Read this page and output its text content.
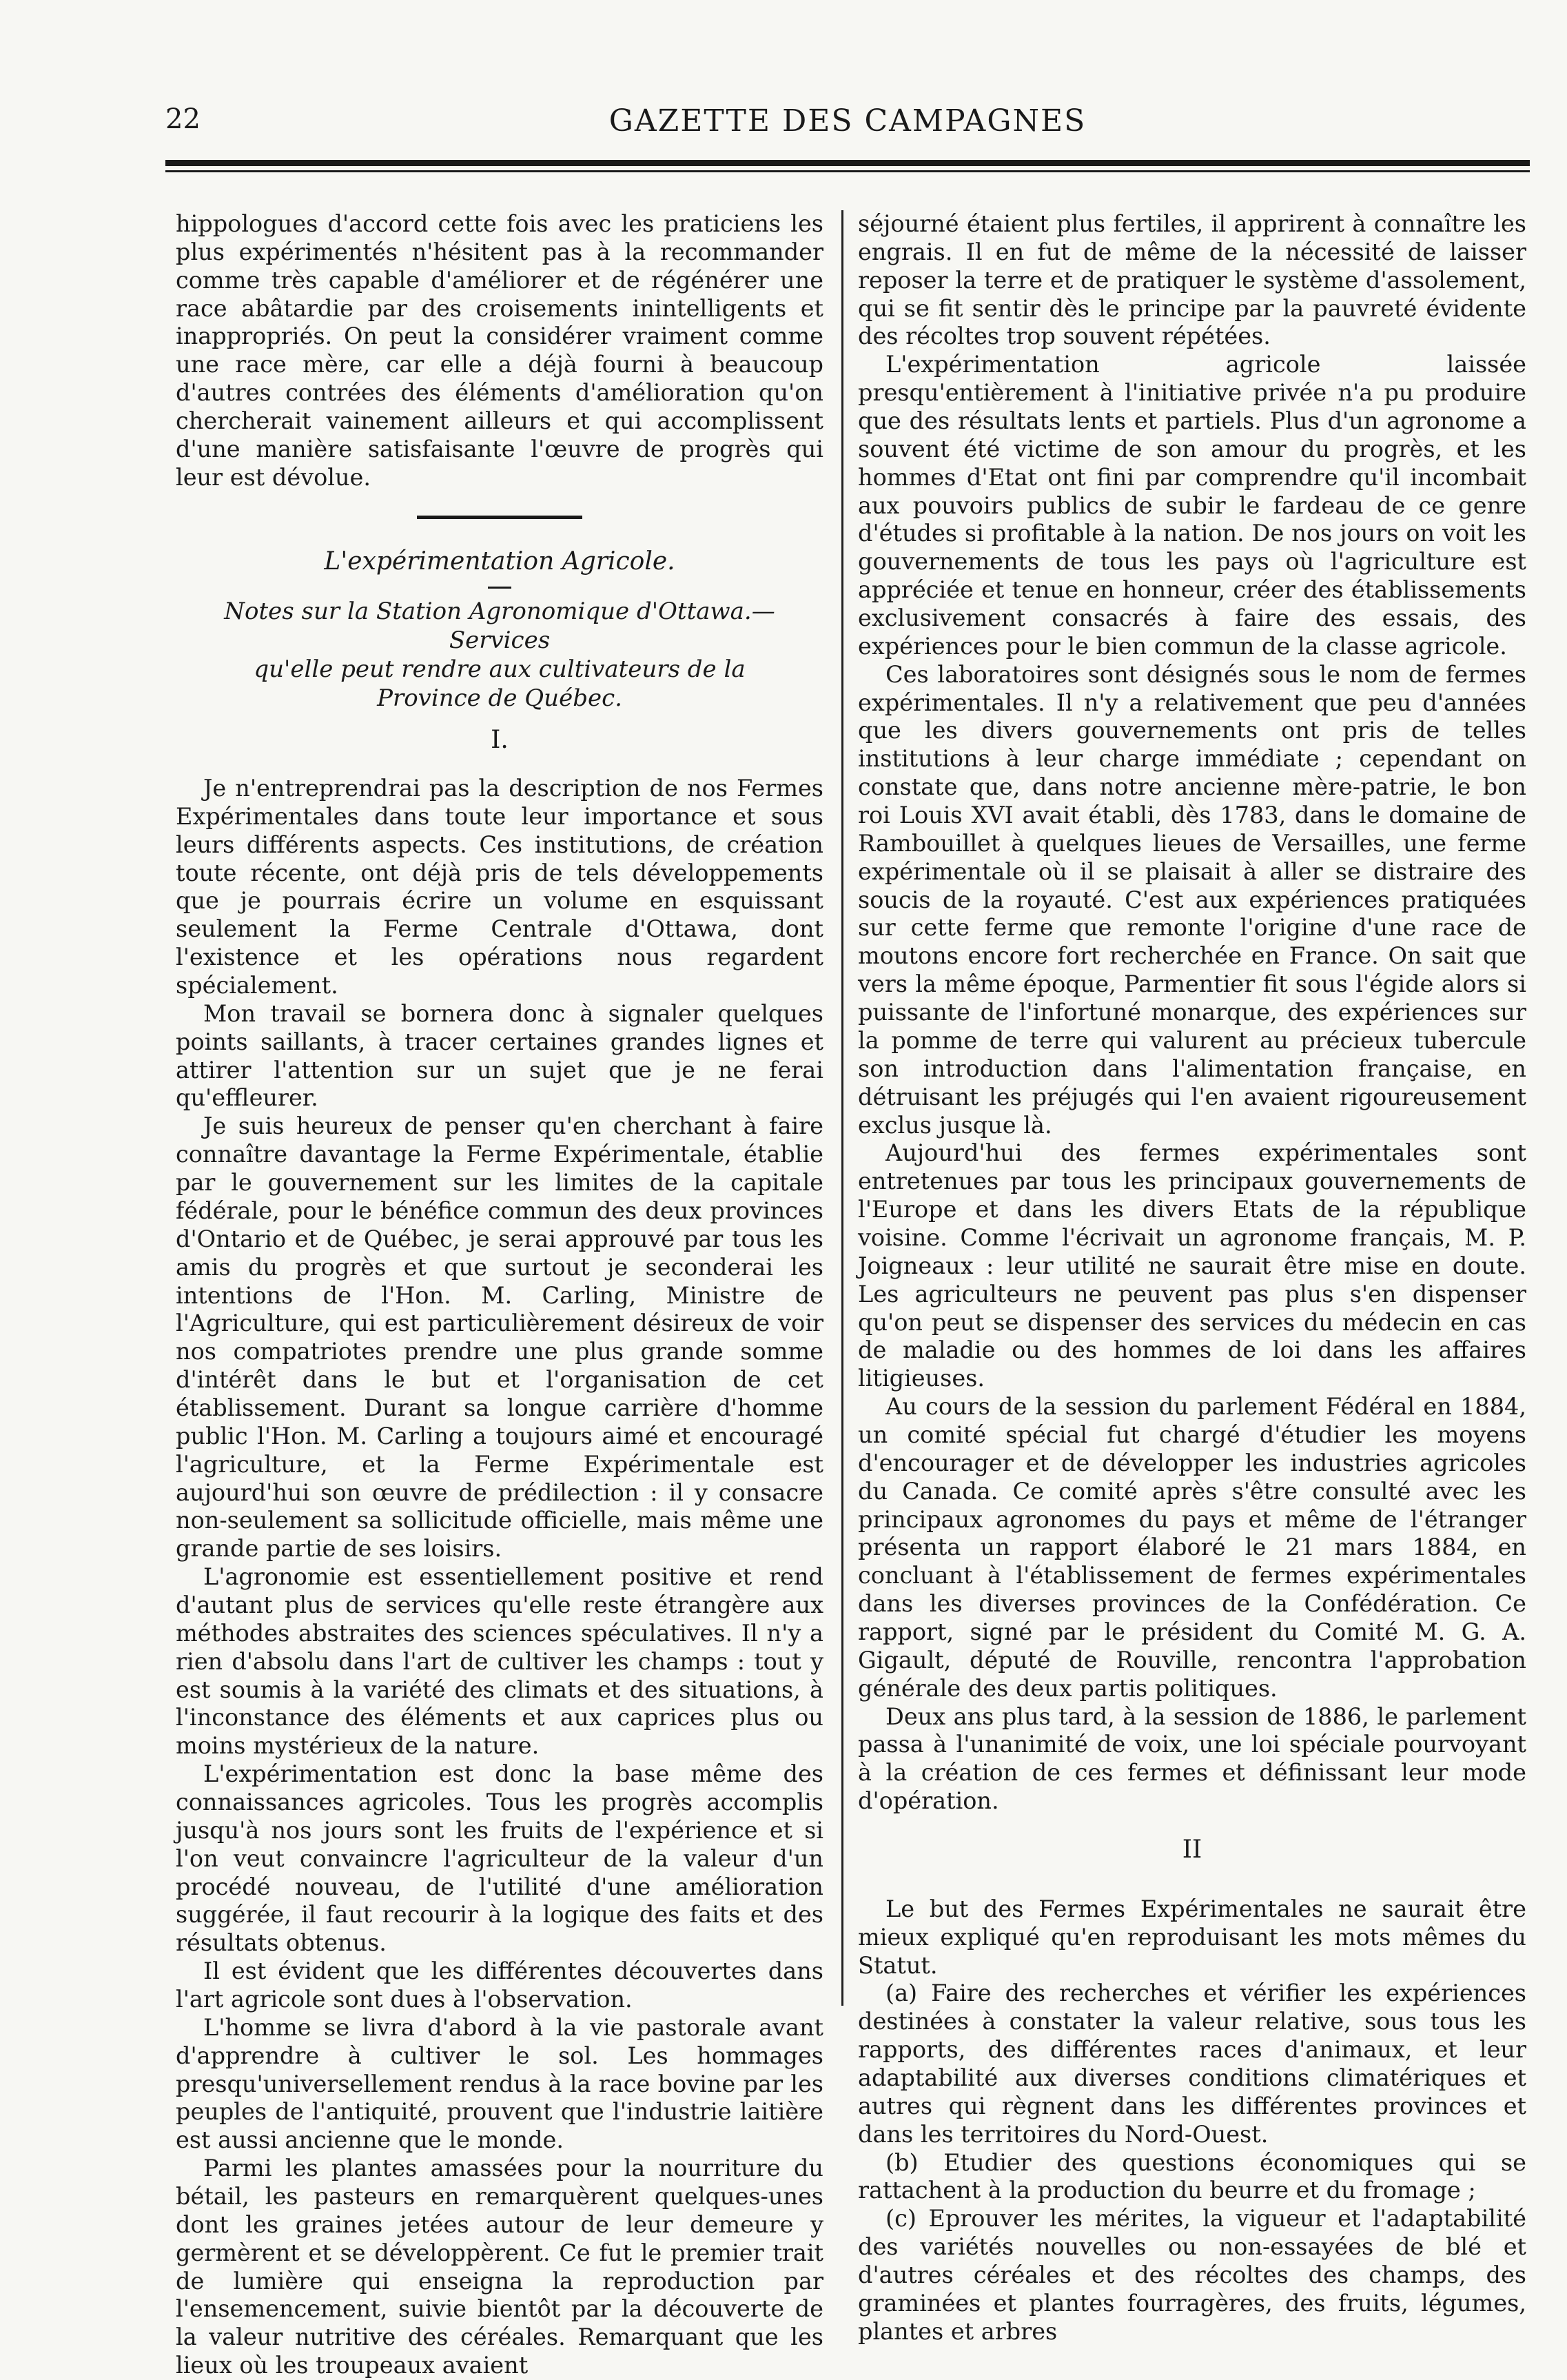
22	GAZETTE DES CAMPAGNES

hippologues d'accord cette fois avec les praticiens les plus expérimentés n'hésitent pas à la recommander comme très capable d'améliorer et de régénérer une race abâtardie par des croisements inintelligents et inappropriés. On peut la considérer vraiment comme une race mère, car elle a déjà fourni à beaucoup d'autres contrées des éléments d'amélioration qu'on chercherait vainement ailleurs et qui accomplissent d'une manière satisfaisante l'œuvre de progrès qui leur est dévolue.

L'expérimentation Agricole.
Notes sur la Station Agronomique d'Ottawa.—Services
qu'elle peut rendre aux cultivateurs de la
Province de Québec.
I.

Je n'entreprendrai pas la description de nos Fermes Expérimentales dans toute leur importance et sous leurs différents aspects. Ces institutions, de création toute récente, ont déjà pris de tels développements que je pourrais écrire un volume en esquissant seulement la Ferme Centrale d'Ottawa, dont l'existence et les opérations nous regardent spécialement.

Mon travail se bornera donc à signaler quelques points saillants, à tracer certaines grandes lignes et attirer l'attention sur un sujet que je ne ferai qu'effleurer.

Je suis heureux de penser qu'en cherchant à faire connaître davantage la Ferme Expérimentale, établie par le gouvernement sur les limites de la capitale fédérale, pour le bénéfice commun des deux provinces d'Ontario et de Québec, je serai approuvé par tous les amis du progrès et que surtout je seconderai les intentions de l'Hon. M. Carling, Ministre de l'Agriculture, qui est particulièrement désireux de voir nos compatriotes prendre une plus grande somme d'intérêt dans le but et l'organisation de cet établissement. Durant sa longue carrière d'homme public l'Hon. M. Carling a toujours aimé et encouragé l'agriculture, et la Ferme Expérimentale est aujourd'hui son œuvre de prédilection : il y consacre non-seulement sa sollicitude officielle, mais même une grande partie de ses loisirs.

L'agronomie est essentiellement positive et rend d'autant plus de services qu'elle reste étrangère aux méthodes abstraites des sciences spéculatives. Il n'y a rien d'absolu dans l'art de cultiver les champs : tout y est soumis à la variété des climats et des situations, à l'inconstance des éléments et aux caprices plus ou moins mystérieux de la nature.

L'expérimentation est donc la base même des connaissances agricoles. Tous les progrès accomplis jusqu'à nos jours sont les fruits de l'expérience et si l'on veut convaincre l'agriculteur de la valeur d'un procédé nouveau, de l'utilité d'une amélioration suggérée, il faut recourir à la logique des faits et des résultats obtenus.

Il est évident que les différentes découvertes dans l'art agricole sont dues à l'observation.

L'homme se livra d'abord à la vie pastorale avant d'apprendre à cultiver le sol. Les hommages presqu'universellement rendus à la race bovine par les peuples de l'antiquité, prouvent que l'industrie laitière est aussi ancienne que le monde.

Parmi les plantes amassées pour la nourriture du bétail, les pasteurs en remarquèrent quelques-unes dont les graines jetées autour de leur demeure y germèrent et se développèrent. Ce fut le premier trait de lumière qui enseigna la reproduction par l'ensemencement, suivie bientôt par la découverte de la valeur nutritive des céréales. Remarquant que les lieux où les troupeaux avaient

séjourné étaient plus fertiles, il apprirent à connaître les engrais. Il en fut de même de la nécessité de laisser reposer la terre et de pratiquer le système d'assolement, qui se fit sentir dès le principe par la pauvreté évidente des récoltes trop souvent répétées.

L'expérimentation agricole laissée presqu'entièrement à l'initiative privée n'a pu produire que des résultats lents et partiels. Plus d'un agronome a souvent été victime de son amour du progrès, et les hommes d'Etat ont fini par comprendre qu'il incombait aux pouvoirs publics de subir le fardeau de ce genre d'études si profitable à la nation. De nos jours on voit les gouvernements de tous les pays où l'agriculture est appréciée et tenue en honneur, créer des établissements exclusivement consacrés à faire des essais, des expériences pour le bien commun de la classe agricole.

Ces laboratoires sont désignés sous le nom de fermes expérimentales. Il n'y a relativement que peu d'années que les divers gouvernements ont pris de telles institutions à leur charge immédiate ; cependant on constate que, dans notre ancienne mère-patrie, le bon roi Louis XVI avait établi, dès 1783, dans le domaine de Rambouillet à quelques lieues de Versailles, une ferme expérimentale où il se plaisait à aller se distraire des soucis de la royauté. C'est aux expériences pratiquées sur cette ferme que remonte l'origine d'une race de moutons encore fort recherchée en France. On sait que vers la même époque, Parmentier fit sous l'égide alors si puissante de l'infortuné monarque, des expériences sur la pomme de terre qui valurent au précieux tubercule son introduction dans l'alimentation française, en détruisant les préjugés qui l'en avaient rigoureusement exclus jusque là.

Aujourd'hui des fermes expérimentales sont entretenues par tous les principaux gouvernements de l'Europe et dans les divers Etats de la république voisine. Comme l'écrivait un agronome français, M. P. Joigneaux : leur utilité ne saurait être mise en doute. Les agriculteurs ne peuvent pas plus s'en dispenser qu'on peut se dispenser des services du médecin en cas de maladie ou des hommes de loi dans les affaires litigieuses.

Au cours de la session du parlement Fédéral en 1884, un comité spécial fut chargé d'étudier les moyens d'encourager et de développer les industries agricoles du Canada. Ce comité après s'être consulté avec les principaux agronomes du pays et même de l'étranger présenta un rapport élaboré le 21 mars 1884, en concluant à l'établissement de fermes expérimentales dans les diverses provinces de la Confédération. Ce rapport, signé par le président du Comité M. G. A. Gigault, député de Rouville, rencontra l'approbation générale des deux partis politiques.

Deux ans plus tard, à la session de 1886, le parlement passa à l'unanimité de voix, une loi spéciale pourvoyant à la création de ces fermes et définissant leur mode d'opération.

II

Le but des Fermes Expérimentales ne saurait être mieux expliqué qu'en reproduisant les mots mêmes du Statut.

(a) Faire des recherches et vérifier les expériences destinées à constater la valeur relative, sous tous les rapports, des différentes races d'animaux, et leur adaptabilité aux diverses conditions climatériques et autres qui règnent dans les différentes provinces et dans les territoires du Nord-Ouest.

(b) Etudier des questions économiques qui se rattachent à la production du beurre et du fromage ;

(c) Eprouver les mérites, la vigueur et l'adaptabilité des variétés nouvelles ou non-essayées de blé et d'autres céréales et des récoltes des champs, des graminées et plantes fourragères, des fruits, légumes, plantes et arbres
